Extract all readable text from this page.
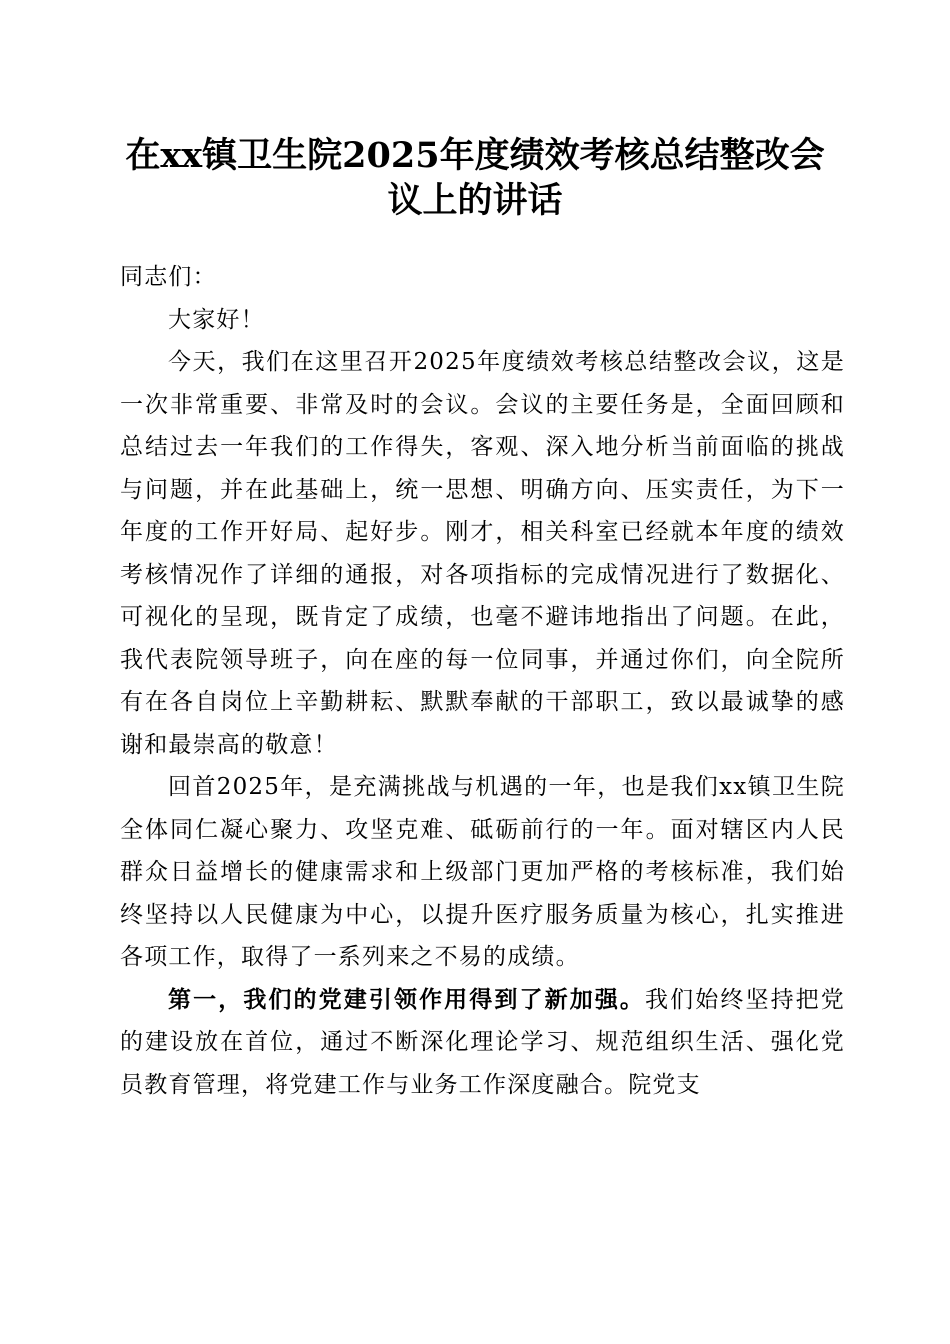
在xx镇卫生院2025年度绩效考核总结整改会议上的讲话

同志们：

大家好！

今天，我们在这里召开2025年度绩效考核总结整改会议，这是一次非常重要、非常及时的会议。会议的主要任务是，全面回顾和总结过去一年我们的工作得失，客观、深入地分析当前面临的挑战与问题，并在此基础上，统一思想、明确方向、压实责任，为下一年度的工作开好局、起好步。刚才，相关科室已经就本年度的绩效考核情况作了详细的通报，对各项指标的完成情况进行了数据化、可视化的呈现，既肯定了成绩，也毫不避讳地指出了问题。在此，我代表院领导班子，向在座的每一位同事，并通过你们，向全院所有在各自岗位上辛勤耕耘、默默奉献的干部职工，致以最诚挚的感谢和最崇高的敬意！

回首2025年，是充满挑战与机遇的一年，也是我们xx镇卫生院全体同仁凝心聚力、攻坚克难、砥砺前行的一年。面对辖区内人民群众日益增长的健康需求和上级部门更加严格的考核标准，我们始终坚持以人民健康为中心，以提升医疗服务质量为核心，扎实推进各项工作，取得了一系列来之不易的成绩。

第一，我们的党建引领作用得到了新加强。我们始终坚持把党的建设放在首位，通过不断深化理论学习、规范组织生活、强化党员教育管理，将党建工作与业务工作深度融合。院党支
